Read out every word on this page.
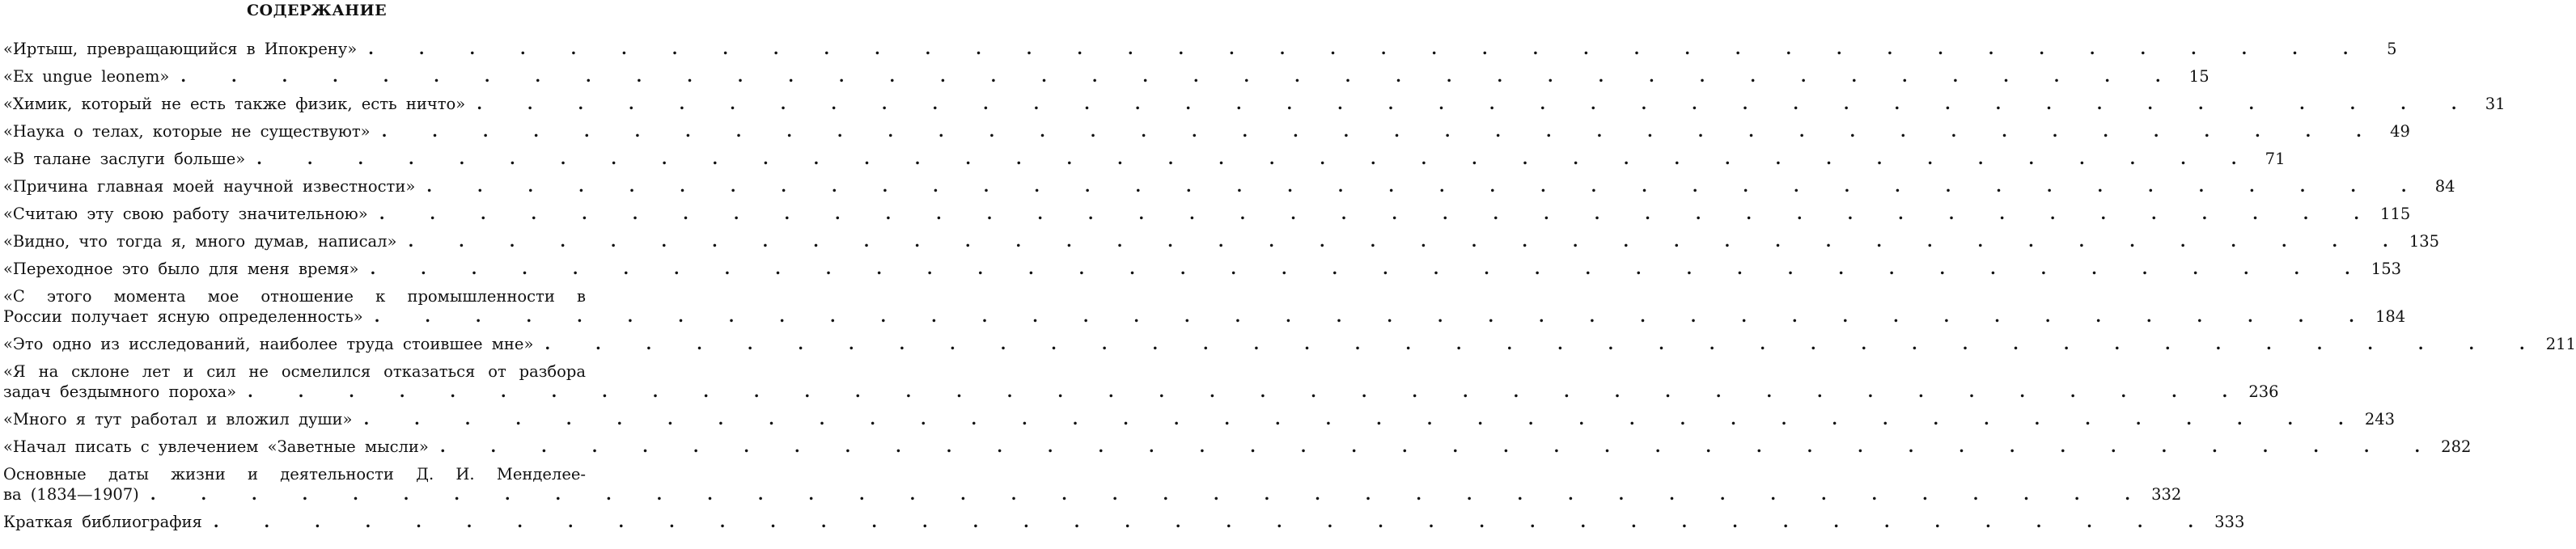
СОДЕРЖАНИЕ
«Иртыш, превращающийся в Ипокрену» . . . . . . . . . . . . . . . . . . . . . . . . . . . . . . . . . . . . . . . .	5
«Ex ungue leonem» . . . . . . . . . . . . . . . . . . . . . . . . . . . . . . . . . . . . . . . . 15
«Химик, который не есть также физик, есть ничто» . . . . . . . . . . . . . . . . . . . . . . . . . . . . . . . . . . . . . . . . 31
«Наука о телах, которые не существуют» . . . . . . . . . . . . . . . . . . . . . . . . . . . . . . . . . . . . . . . . 49
«В талане заслуги больше» . . . . . . . . . . . . . . . . . . . . . . . . . . . . . . . . . . . . . . . . 71
«Причина главная моей научной известности» . . . . . . . . . . . . . . . . . . . . . . . . . . . . . . . . . . . . . . . . 84
«Считаю эту свою работу значительною» . . . . . . . . . . . . . . . . . . . . . . . . . . . . . . . . . . . . . . . . 115
«Видно, что тогда я, много думав, написал» . . . . . . . . . . . . . . . . . . . . . . . . . . . . . . . . . . . . . . . . 135
«Переходное это было для меня время» . . . . . . . . . . . . . . . . . . . . . . . . . . . . . . . . . . . . . . . . 153
«С этого момента мое отношение к промышленности в
России получает ясную определенность» . . . . . . . . . . . . . . . . . . . . . . . . . . . . . . . . . . . . . . . . 184
«Это одно из исследований, наиболее труда стоившее мне» . . . . . . . . . . . . . . . . . . . . . . . . . . . . . . . . . . . . . . . . 211
«Я на склоне лет и сил не осмелился отказаться от разбора
задач бездымного пороха» . . . . . . . . . . . . . . . . . . . . . . . . . . . . . . . . . . . . . . . . 236
«Много я тут работал и вложил души» . . . . . . . . . . . . . . . . . . . . . . . . . . . . . . . . . . . . . . . . 243
«Начал писать с увлечением «Заветные мысли» . . . . . . . . . . . . . . . . . . . . . . . . . . . . . . . . . . . . . . . . 282
Основные даты жизни и деятельности Д. И. Менделее-
ва (1834—1907) . . . . . . . . . . . . . . . . . . . . . . . . . . . . . . . . . . . . . . . . 332
Краткая библиография . . . . . . . . . . . . . . . . . . . . . . . . . . . . . . . . . . . . . . . . 333
